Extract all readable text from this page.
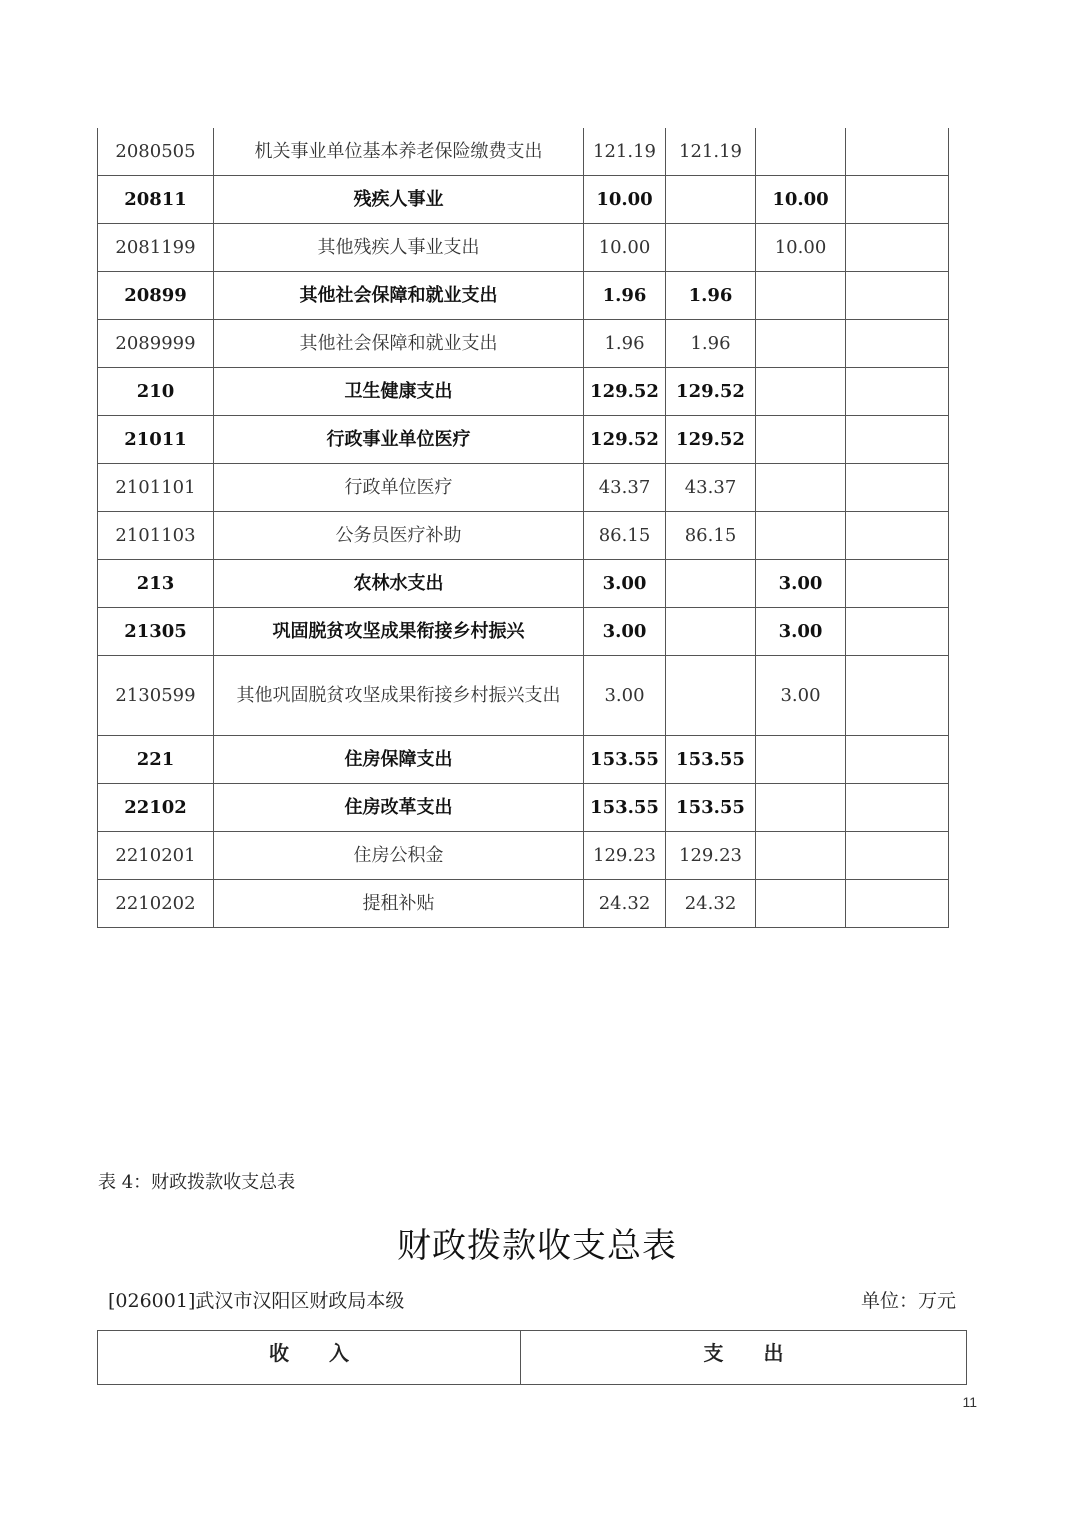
2080505	机关事业单位基本养老保险缴费支出	121.19	121.19		
20811	残疾人事业	10.00		10.00	
2081199	其他残疾人事业支出	10.00		10.00	
20899	其他社会保障和就业支出	1.96	1.96		
2089999	其他社会保障和就业支出	1.96	1.96		
210	卫生健康支出	129.52	129.52		
21011	行政事业单位医疗	129.52	129.52		
2101101	行政单位医疗	43.37	43.37		
2101103	公务员医疗补助	86.15	86.15		
213	农林水支出	3.00		3.00	
21305	巩固脱贫攻坚成果衔接乡村振兴	3.00		3.00	
2130599	其他巩固脱贫攻坚成果衔接乡村振兴支出	3.00		3.00	
221	住房保障支出	153.55	153.55		
22102	住房改革支出	153.55	153.55		
2210201	住房公积金	129.23	129.23		
2210202	提租补贴	24.32	24.32		
表 4：财政拨款收支总表
财政拨款收支总表
[026001]武汉市汉阳区财政局本级	单位：万元
收　　入	支　　出
11
